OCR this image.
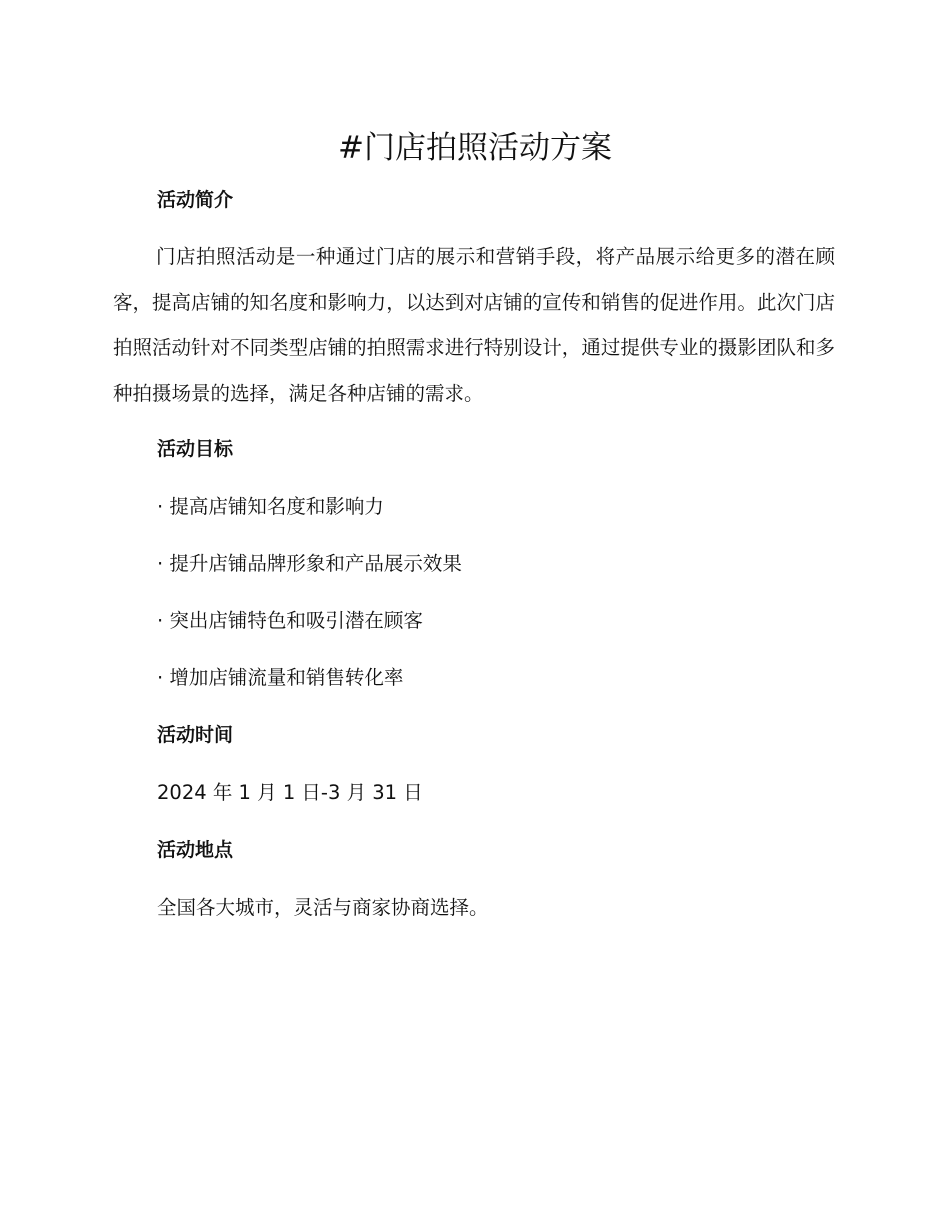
#门店拍照活动方案
活动简介

门店拍照活动是一种通过门店的展示和营销手段，将产品展示给更多的潜在顾客，提高店铺的知名度和影响力，以达到对店铺的宣传和销售的促进作用。此次门店拍照活动针对不同类型店铺的拍照需求进行特别设计，通过提供专业的摄影团队和多种拍摄场景的选择，满足各种店铺的需求。

活动目标

· 提高店铺知名度和影响力

· 提升店铺品牌形象和产品展示效果

· 突出店铺特色和吸引潜在顾客

· 增加店铺流量和销售转化率

活动时间

2024 年 1 月 1 日-3 月 31 日

活动地点

全国各大城市，灵活与商家协商选择。
